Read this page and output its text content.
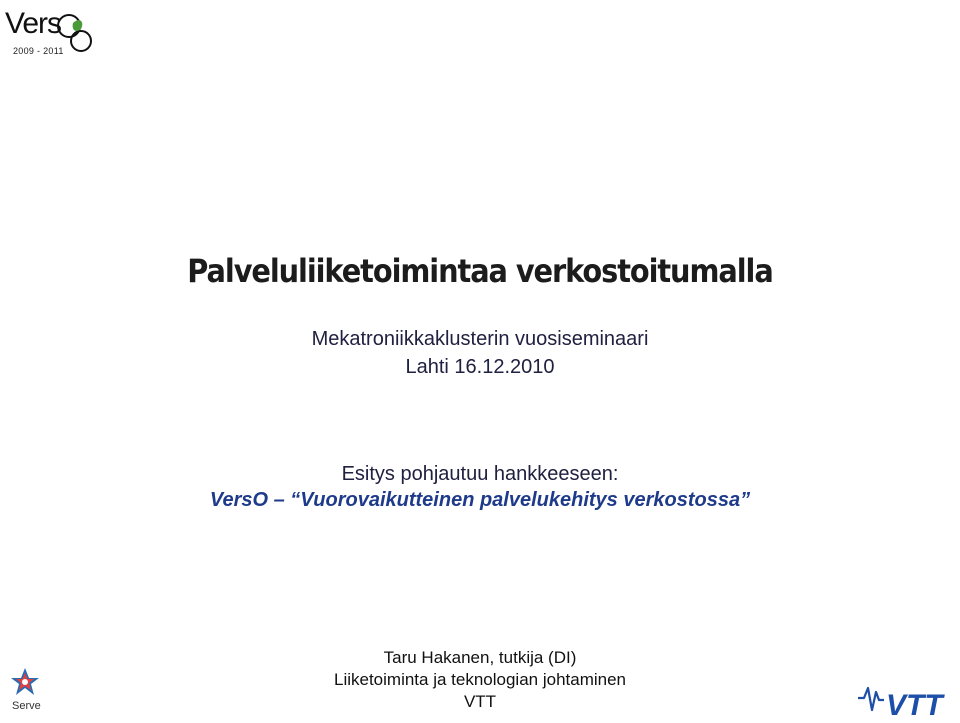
Vers
2009 - 2011
Palveluliiketoimintaa verkostoitumalla
Mekatroniikkaklusterin vuosiseminaari
Lahti 16.12.2010
Esitys pohjautuu hankkeeseen:
VersO – “Vuorovaikutteinen palvelukehitys verkostossa”
Taru Hakanen, tutkija (DI)
Liiketoiminta ja teknologian johtaminen
VTT
Serve	VTT
